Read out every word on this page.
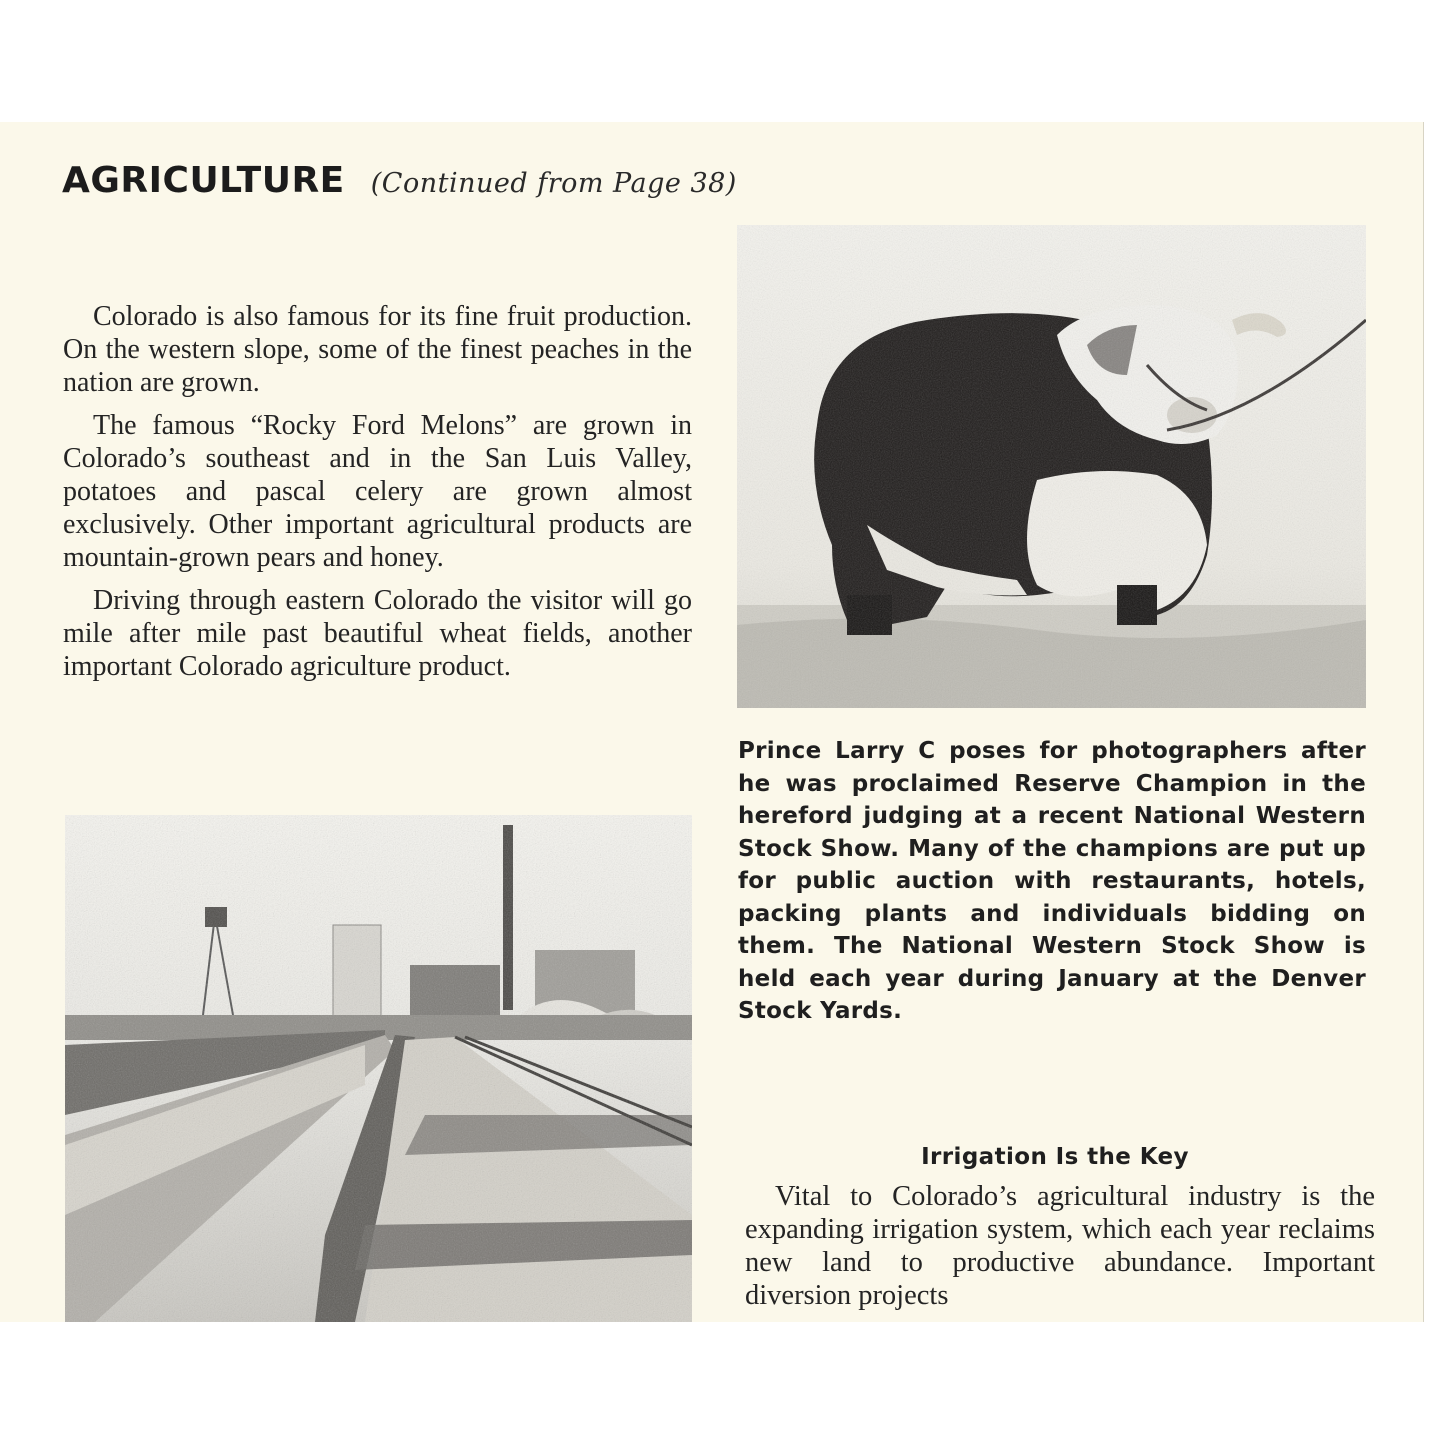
AGRICULTURE (Continued from Page 38)

Colorado is also famous for its fine fruit production. On the western slope, some of the finest peaches in the nation are grown.

The famous “Rocky Ford Melons” are grown in Colorado’s southeast and in the San Luis Valley, potatoes and pascal celery are grown almost exclusively. Other important agricultural products are mountain-grown pears and honey.

Driving through eastern Colorado the visitor will go mile after mile past beautiful wheat fields, another important Colorado agriculture product.

Prince Larry C poses for photographers after he was proclaimed Reserve Champion in the hereford judging at a recent National Western Stock Show. Many of the champions are put up for public auction with restaurants, hotels, packing plants and individuals bidding on them. The National Western Stock Show is held each year during January at the Denver Stock Yards.

Irrigation Is the Key

Vital to Colorado’s agricultural industry is the expanding irrigation system, which each year reclaims new land to productive abundance. Important diversion projects
